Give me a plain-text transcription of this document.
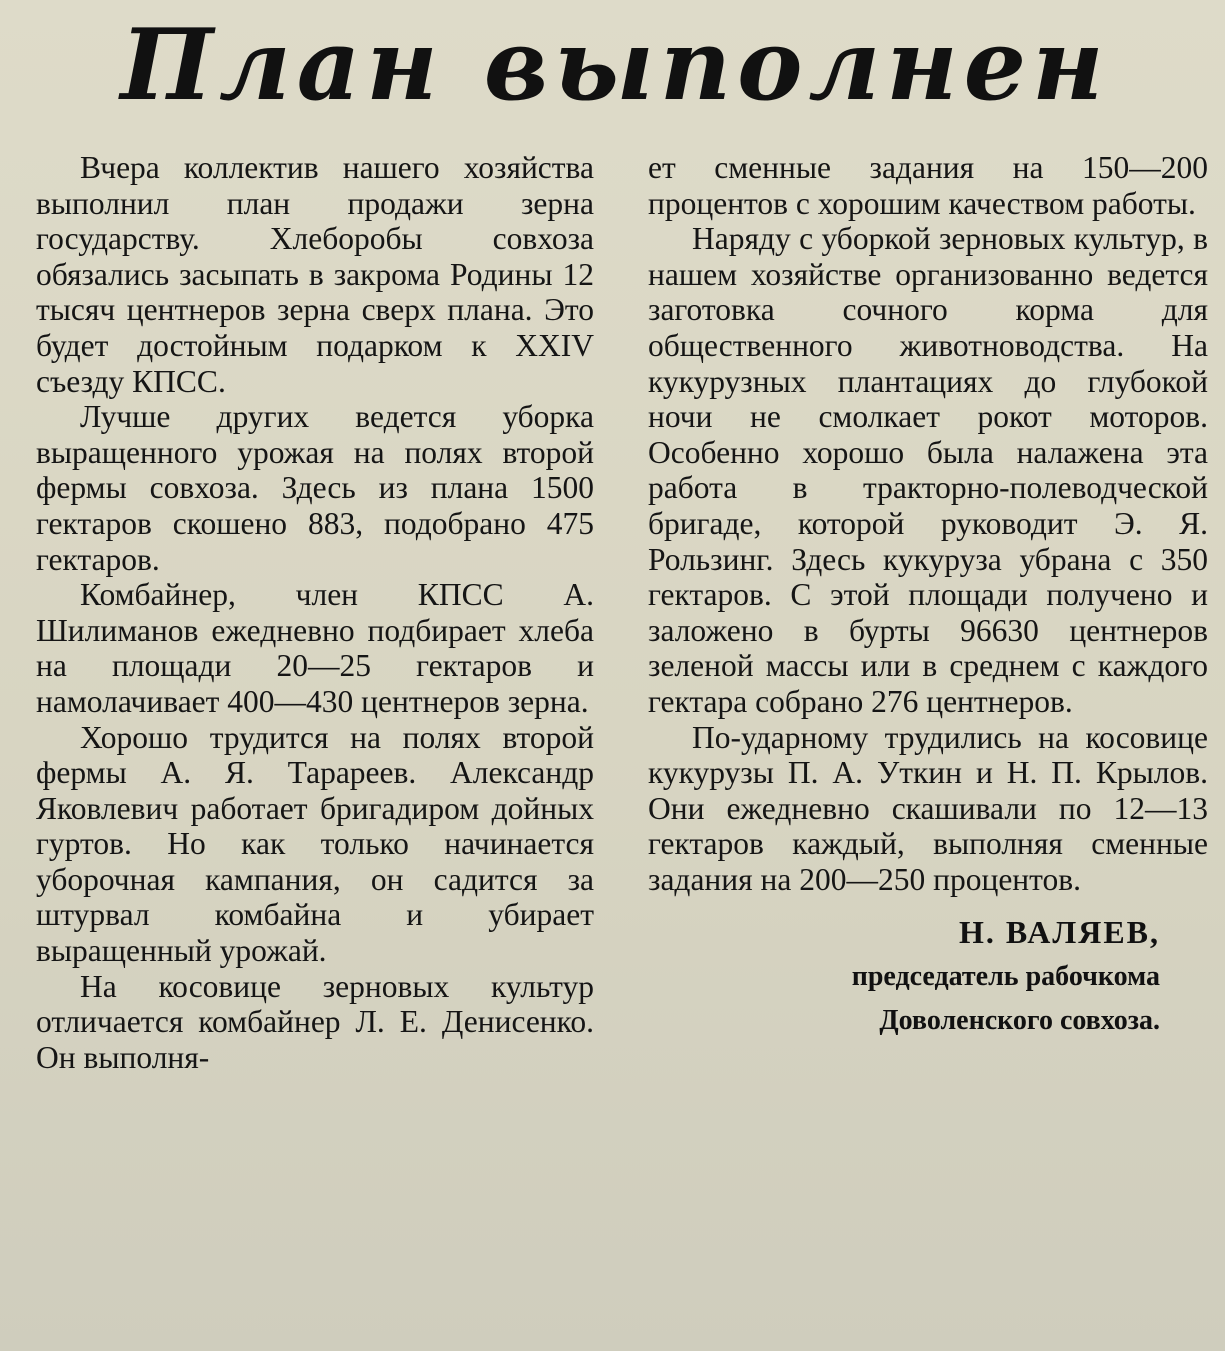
План выполнен

Вчера коллектив нашего хозяйства выполнил план продажи зерна государству. Хлеборобы совхоза обязались засыпать в закрома Родины 12 тысяч центнеров зерна сверх плана. Это будет достойным подарком к XXIV съезду КПСС.

Лучше других ведется уборка выращенного урожая на полях второй фермы совхоза. Здесь из плана 1500 гектаров скошено 883, подобрано 475 гектаров.

Комбайнер, член КПСС А. Шилиманов ежедневно подбирает хлеба на площади 20—25 гектаров и намолачивает 400—430 центнеров зерна.

Хорошо трудится на полях второй фермы А. Я. Тарареев. Александр Яковлевич работает бригадиром дойных гуртов. Но как только начинается уборочная кампания, он садится за штурвал комбайна и убирает выращенный урожай.

На косовице зерновых культур отличается комбайнер Л. Е. Денисенко. Он выполня-

ет сменные задания на 150—200 процентов с хорошим качеством работы.

Наряду с уборкой зерновых культур, в нашем хозяйстве организованно ведется заготовка сочного корма для общественного животноводства. На кукурузных плантациях до глубокой ночи не смолкает рокот моторов. Особенно хорошо была налажена эта работа в тракторно-полеводческой бригаде, которой руководит Э. Я. Рользинг. Здесь кукуруза убрана с 350 гектаров. С этой площади получено и заложено в бурты 96630 центнеров зеленой массы или в среднем с каждого гектара собрано 276 центнеров.

По-ударному трудились на косовице кукурузы П. А. Уткин и Н. П. Крылов. Они ежедневно скашивали по 12—13 гектаров каждый, выполняя сменные задания на 200—250 процентов.

Н. ВАЛЯЕВ,
председатель рабочкома
Доволенского совхоза.
